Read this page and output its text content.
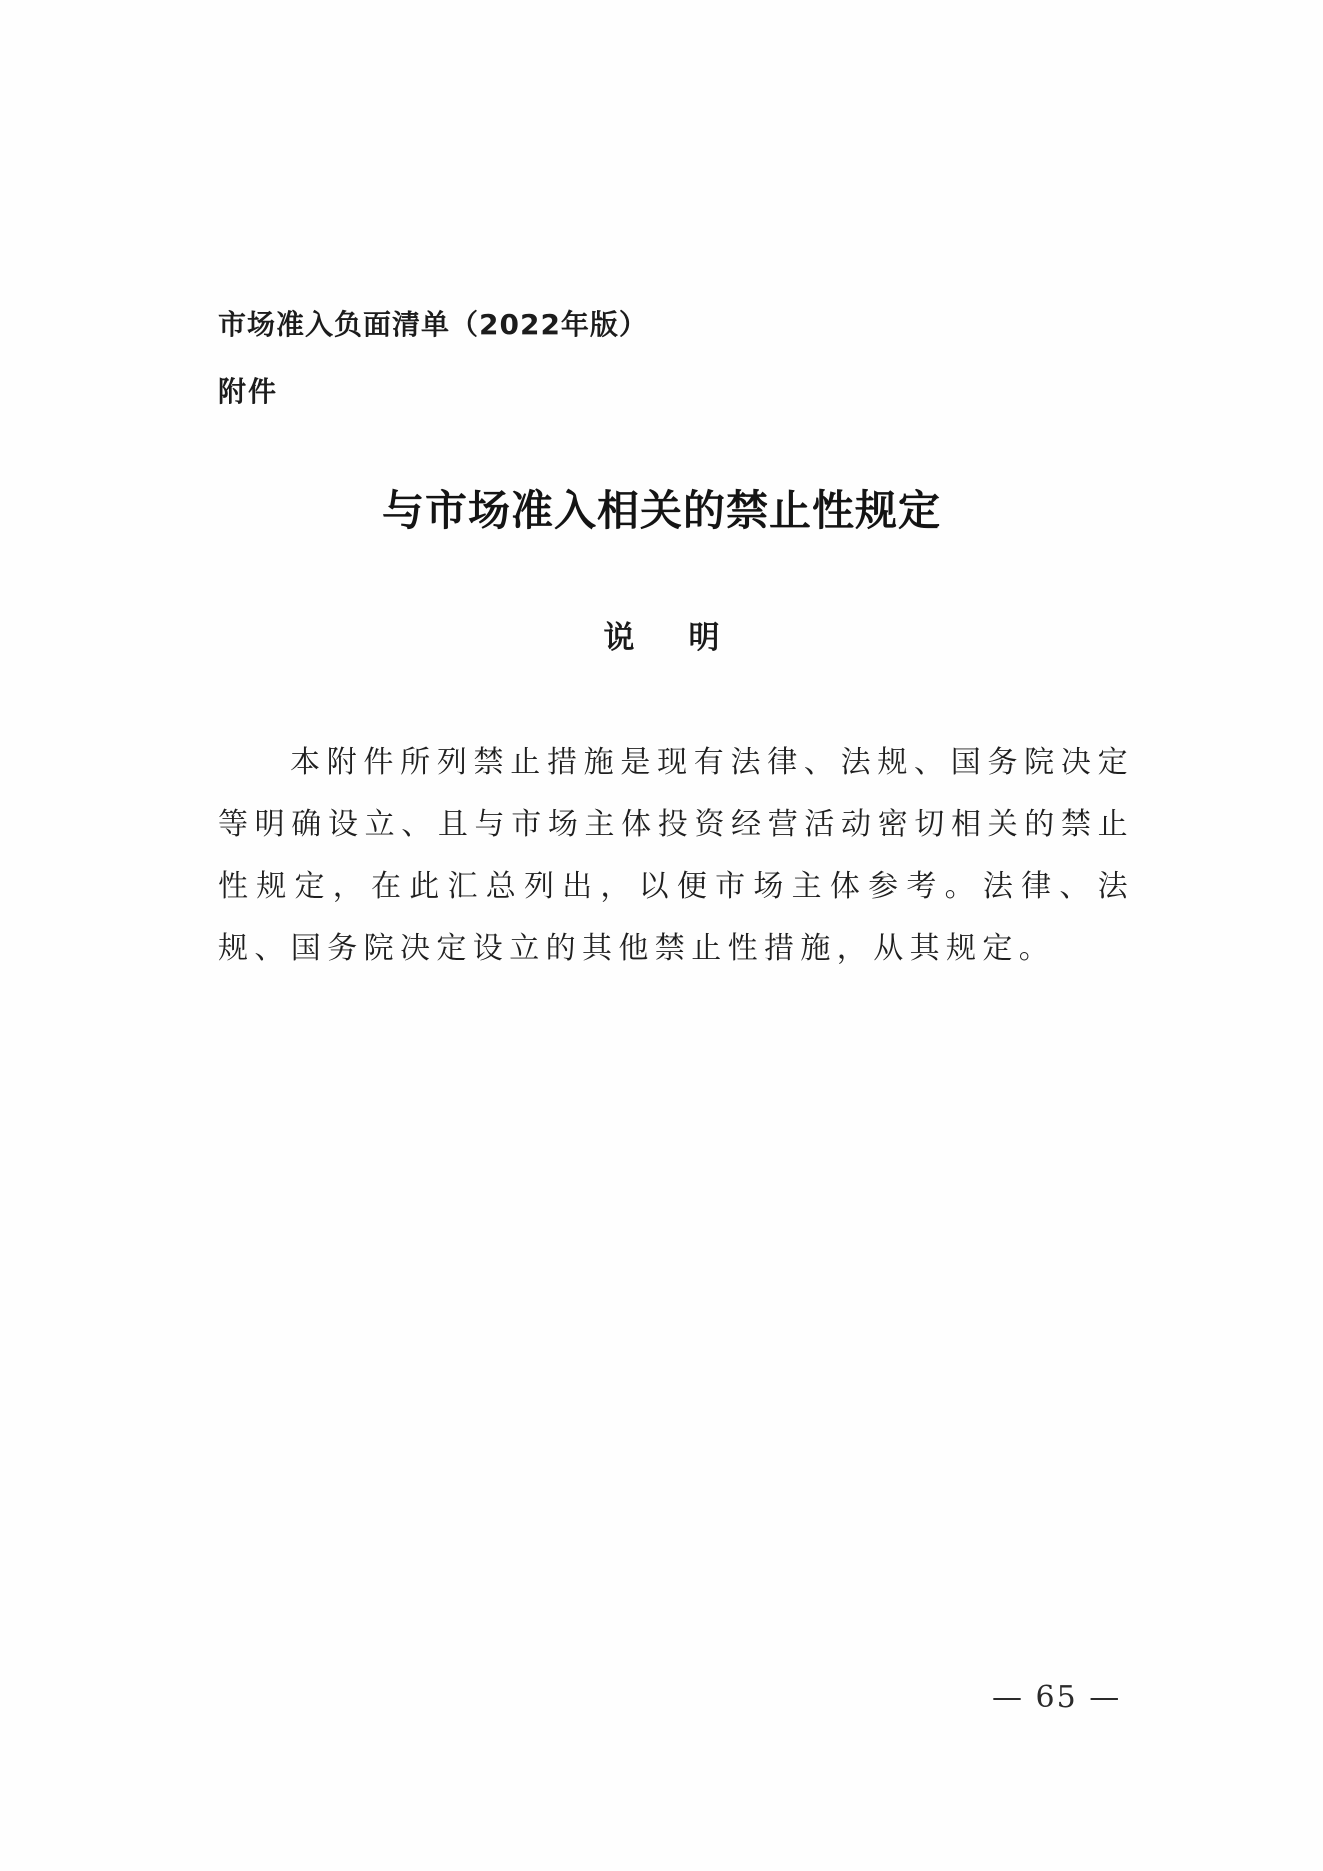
市场准入负面清单（2022年版）
附件
与市场准入相关的禁止性规定
说明

本附件所列禁止措施是现有法律、法规、国务院决定等明确设立、且与市场主体投资经营活动密切相关的禁止性规定，在此汇总列出，以便市场主体参考。法律、法规、国务院决定设立的其他禁止性措施，从其规定。

— 65 —
